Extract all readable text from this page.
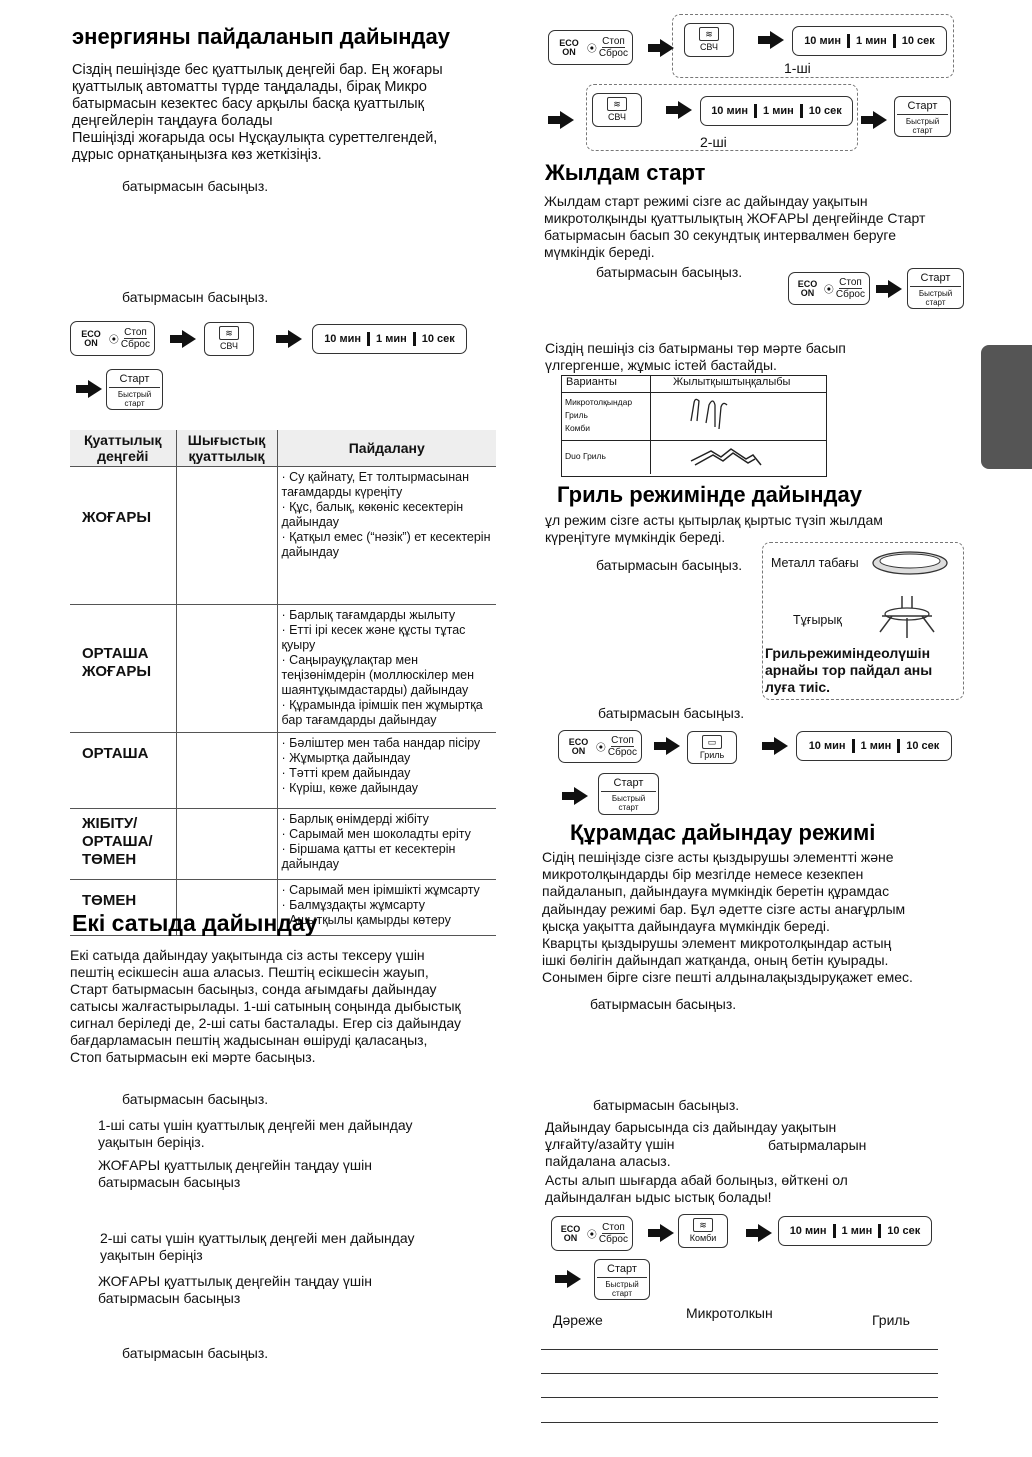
энергияны пайдаланып дайындау
Сіздің пешіңізде бес қуаттылық деңгейі бар. Ең жоғары
қуаттылық автоматты түрде таңдалады, бірақ Микро
батырмасын кезектес басу арқылы басқа қуаттылық
деңгейлерін таңдауға болады
Пешіңізді жоғарыда осы Нұсқаулықта суреттелгендей,
дұрыс орнатқаныңызға көз жеткізіңіз.
батырмасын басыңыз.
батырмасын басыңыз.
ECO ON	⦿
Стоп
Сброс
≋
СВЧ
10 мин 1 мин 10 сек
Старт
Быстрый старт
Қуаттылық деңгейі	Шығыстық қуаттылық	Пайдалану
ЖОҒАРЫ		· Су қайнату, Ет толтырмасынан тағамдарды күреңіту
· Құс, балық, көкөніс кесектерін дайындау
· Қатқыл емес (“нәзік”) ет кесектерін дайындау

ОРТАША ЖОҒАРЫ		· Барлық тағамдарды жылыту
· Етті ірі кесек және құсты тұтас қуыру
· Саңырауқұлақтар мен теңізөнімдерін (моллюскілер мен шаянтұқымдастарды) дайындау
· Құрамында ірімшік пен жұмыртқа бар тағамдарды дайындау

ОРТАША		· Бәліштер мен таба нандар пісіру
· Жұмыртқа дайындау
· Тәтті крем дайындау
· Күріш, көже дайындау

ЖІБІТУ/ ОРТАША/ ТӨМЕН		· Барлық өнімдерді жібіту
· Сарымай мен шоколадты еріту
· Біршама қатты ет кесектерін дайындау

ТӨМЕН		· Сарымай мен ірімшікті жұмсарту
· Балмұздақты жұмсарту
· Ашытқылы қамырды көтеру
Екі сатыда дайындау
Екі сатыда дайындау уақытында сіз асты тексеру үшін
пештің есікшесін аша аласыз. Пештің есікшесін жауып,
Старт батырмасын басыңыз, сонда ағымдағы дайындау
сатысы жалғастырылады. 1-ші сатының соңында дыбыстық
сигнал беріледі де, 2-ші саты басталады. Егер сіз дайындау
бағдарламасын пештің жадысынан өшіруді қаласаңыз,
Стоп батырмасын екі мәрте басыңыз.
батырмасын басыңыз.
1-ші саты үшін қуаттылық деңгейі мен дайындау
уақытын беріңіз.
ЖОҒАРЫ қуаттылық деңгейін таңдау үшін
батырмасын басыңыз
2-ші саты үшін қуаттылық деңгейі мен дайындау
уақытын беріңіз
ЖОҒАРЫ қуаттылық деңгейін таңдау үшін
батырмасын басыңыз
батырмасын басыңыз.
ECO ON	⦿
Стоп
Сброс
≋
СВЧ	10 мин 1 мин 10 сек
1-ші
≋
СВЧ	10 мин 1 мин 10 сек
2-ші
Старт
Быстрый старт
Жылдам старт
Жылдам старт режимі сізге ас дайындау уақытын
микротолқынды қуаттылықтың ЖОҒАРЫ деңгейінде Старт
батырмасын басып 30 секундтық интервалмен беруге
мүмкіндік береді.
батырмасын басыңыз.
ECO ON ⦿
Стоп
Сброс
Старт
Быстрый старт
Сіздің пешіңіз сіз батырманы төр мәрте басып
үлгергенше, жұмыс істей бастайды.
Варианты	Жылытқыштыңқалыбы
Микротолқындар
Гриль
Комби
Duo Гриль
Гриль режимінде дайындау
ұл режим сізге асты қытырлақ қыртыс түзіп жылдам
күреңітуге мүмкіндік береді.
батырмасын басыңыз. Металл табағы
Тұғырық
Грильрежиміндеолүшін
арнайы тор пайдал аны
луға тиіс.
батырмасын басыңыз.
ECO ON	⦿
Стоп
Сброс
▭
Гриль
10 мин 1 мин 10 сек
Старт
Быстрый старт
Құрамдас дайындау режимі
Сідің пешіңізде сізге асты қыздырушы элементті және
микротолқындарды бір мезгілде немесе кезекпен
пайдаланып, дайындауға мүмкіндік беретін құрамдас
дайындау режимі бар. Бұл әдетте сізге асты анағұрлым
қысқа уақытта дайындауға мүмкіндік береді.
Кварцты қыздырушы элемент микротолқындар астың
ішкі бөлігін дайындап жатқанда, оның бетін қуырады.
Сонымен бірге сізге пешті алдыналақыздыруқажет емес.
батырмасын басыңыз.
батырмасын басыңыз.
Дайындау барысында сіз дайындау уақытын
ұлғайту/азайту үшін
пайдалана аласыз.
батырмаларын
Асты алып шығарда абай болыңыз, өйткені ол
дайындалған ыдыс ыстық болады!
ECO ON ⦿
Стоп
Сброс
≋
Комби
10 мин 1 мин 10 сек
Старт
Быстрый старт
Дәреже	Микротолкын	Гриль
